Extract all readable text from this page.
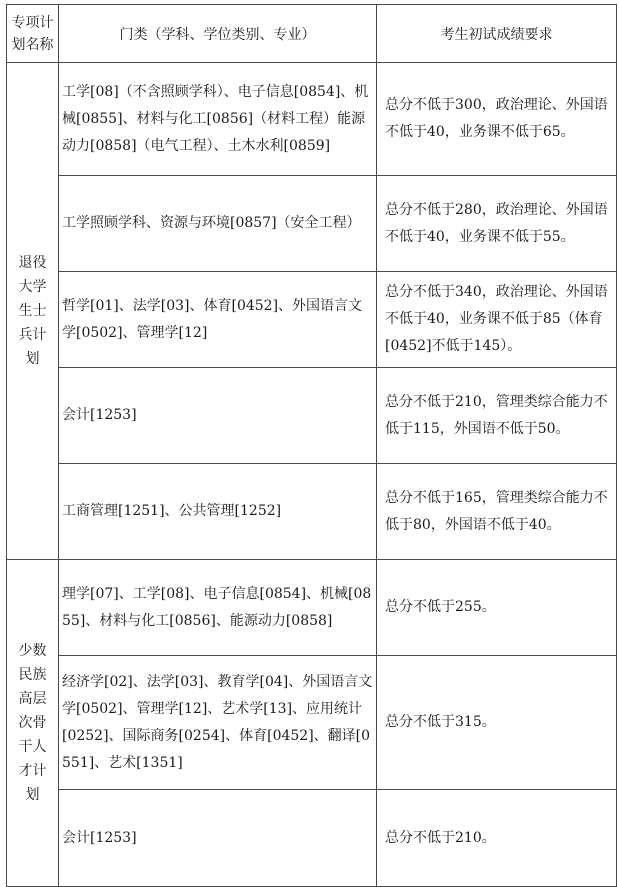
专项计划名称	门类（学科、学位类别、专业）	考生初试成绩要求

退役大学生士兵计划	工学[08]（不含照顾学科）、电子信息[0854]、机械[0855]、材料与化工[0856]（材料工程）能源动力[0858]（电气工程）、土木水利[0859]	总分不低于300，政治理论、外国语不低于40，业务课不低于65。
	工学照顾学科、资源与环境[0857]（安全工程）	总分不低于280，政治理论、外国语不低于40，业务课不低于55。
	哲学[01]、法学[03]、体育[0452]、外国语言文学[0502]、管理学[12]	总分不低于340，政治理论、外国语不低于40，业务课不低于85（体育[0452]不低于145）。
	会计[1253]	总分不低于210，管理类综合能力不低于115，外国语不低于50。
	工商管理[1251]、公共管理[1252]	总分不低于165，管理类综合能力不低于80，外国语不低于40。

少数民族高层次骨干人才计划	理学[07]、工学[08]、电子信息[0854]、机械[0855]、材料与化工[0856]、能源动力[0858]	总分不低于255。
	经济学[02]、法学[03]、教育学[04]、外国语言文学[0502]、管理学[12]、艺术学[13]、应用统计[0252]、国际商务[0254]、体育[0452]、翻译[0551]、艺术[1351]	总分不低于315。
	会计[1253]	总分不低于210。
